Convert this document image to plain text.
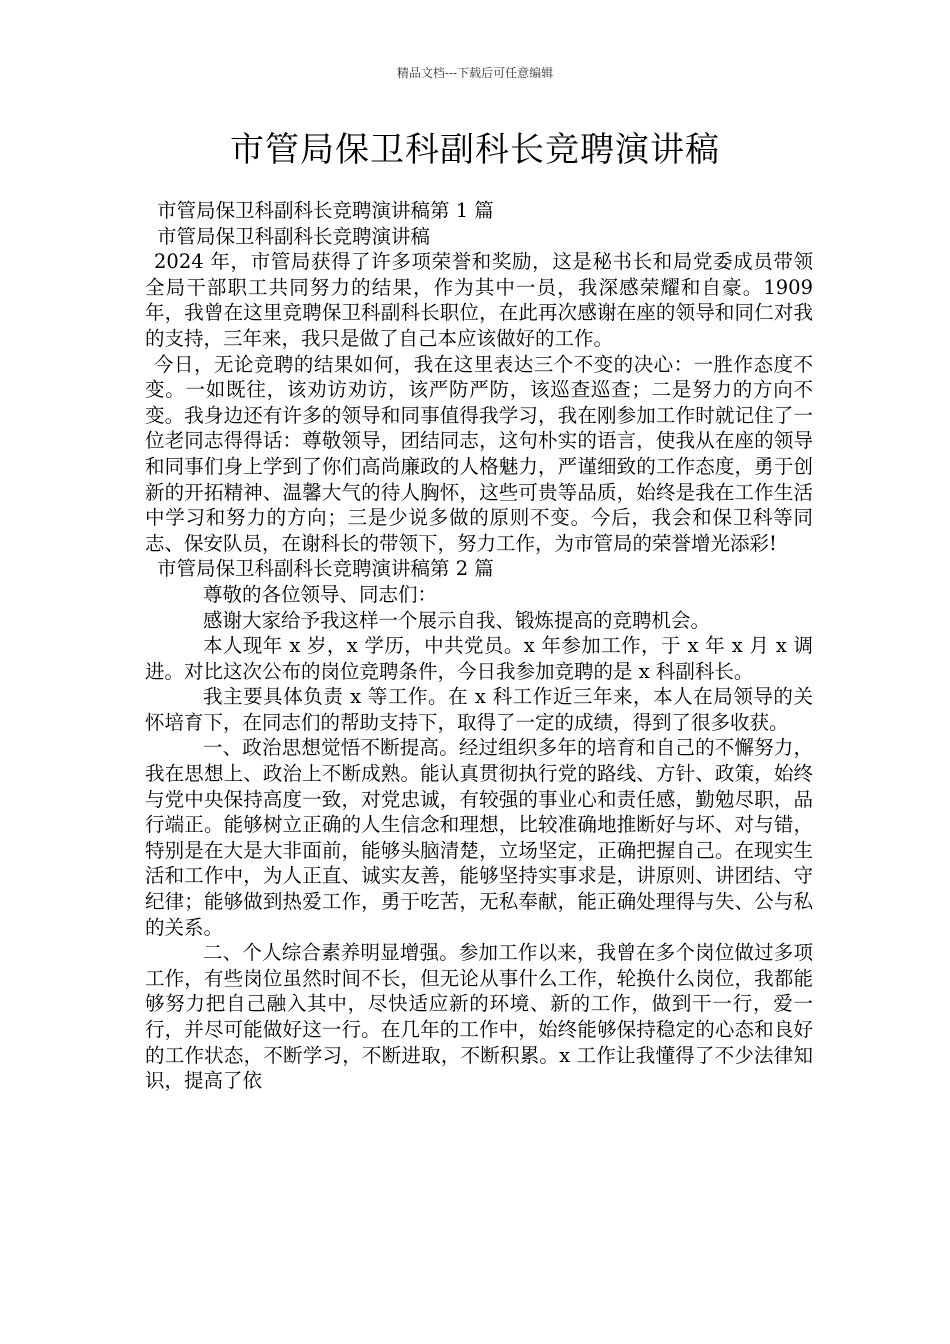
精品文档---下载后可任意编辑
市管局保卫科副科长竞聘演讲稿

市管局保卫科副科长竞聘演讲稿第 1 篇

市管局保卫科副科长竞聘演讲稿

2024 年，市管局获得了许多项荣誉和奖励，这是秘书长和局党委成员带领全局干部职工共同努力的结果，作为其中一员，我深感荣耀和自豪。1909 年，我曾在这里竞聘保卫科副科长职位，在此再次感谢在座的领导和同仁对我的支持，三年来，我只是做了自己本应该做好的工作。

今日，无论竞聘的结果如何，我在这里表达三个不变的决心：一胜作态度不变。一如既往，该劝访劝访，该严防严防，该巡查巡查；二是努力的方向不变。我身边还有许多的领导和同事值得我学习，我在刚参加工作时就记住了一位老同志得得话：尊敬领导，团结同志，这句朴实的语言，使我从在座的领导和同事们身上学到了你们高尚廉政的人格魅力，严谨细致的工作态度，勇于创新的开拓精神、温馨大气的待人胸怀，这些可贵等品质，始终是我在工作生活中学习和努力的方向；三是少说多做的原则不变。今后，我会和保卫科等同志、保安队员，在谢科长的带领下，努力工作，为市管局的荣誉增光添彩!

市管局保卫科副科长竞聘演讲稿第 2 篇

尊敬的各位领导、同志们：

感谢大家给予我这样一个展示自我、锻炼提高的竞聘机会。

本人现年 x 岁，x 学历，中共党员。x 年参加工作，于 x 年 x 月 x 调进。对比这次公布的岗位竞聘条件，今日我参加竞聘的是 x 科副科长。

我主要具体负责 x 等工作。在 x 科工作近三年来，本人在局领导的关怀培育下，在同志们的帮助支持下，取得了一定的成绩，得到了很多收获。

一、政治思想觉悟不断提高。经过组织多年的培育和自己的不懈努力，我在思想上、政治上不断成熟。能认真贯彻执行党的路线、方针、政策，始终与党中央保持高度一致，对党忠诚，有较强的事业心和责任感，勤勉尽职，品行端正。能够树立正确的人生信念和理想，比较准确地推断好与坏、对与错，特别是在大是大非面前，能够头脑清楚，立场坚定，正确把握自己。在现实生活和工作中，为人正直、诚实友善，能够坚持实事求是，讲原则、讲团结、守纪律；能够做到热爱工作，勇于吃苦，无私奉献，能正确处理得与失、公与私的关系。

二、个人综合素养明显增强。参加工作以来，我曾在多个岗位做过多项工作，有些岗位虽然时间不长，但无论从事什么工作，轮换什么岗位，我都能够努力把自己融入其中，尽快适应新的环境、新的工作，做到干一行，爱一行，并尽可能做好这一行。在几年的工作中，始终能够保持稳定的心态和良好的工作状态，不断学习，不断进取，不断积累。x 工作让我懂得了不少法律知识，提高了依
